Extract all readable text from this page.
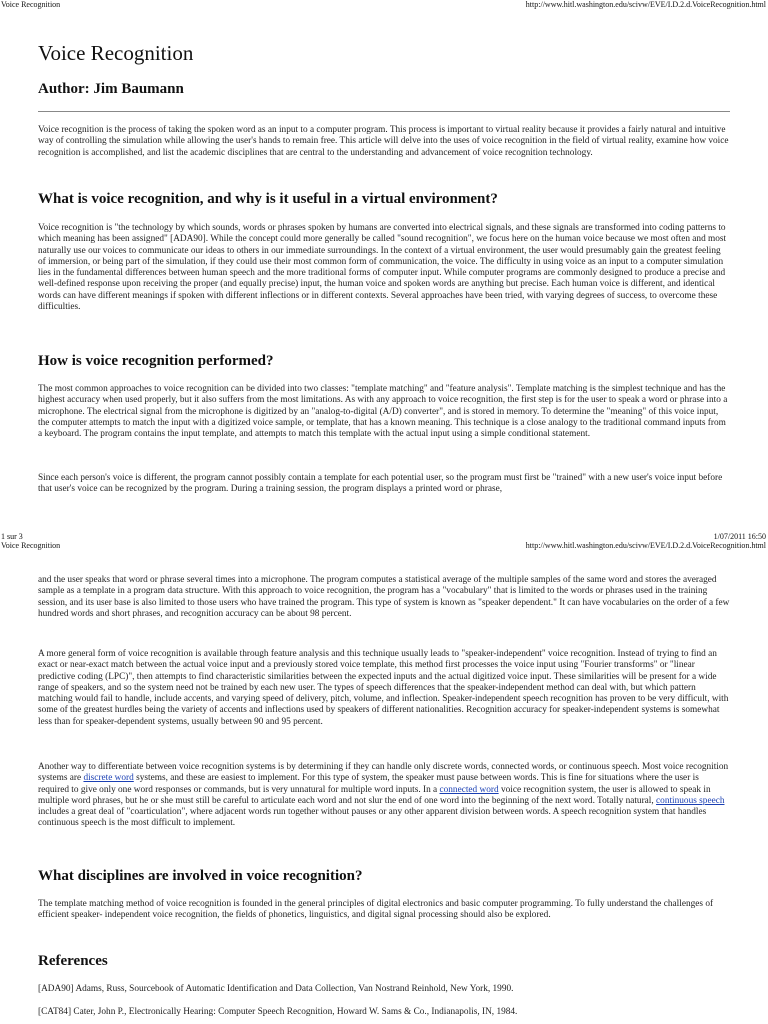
Voice Recognition	http://www.hitl.washington.edu/scivw/EVE/I.D.2.d.VoiceRecognition.html
Voice Recognition
Author: Jim Baumann

Voice recognition is the process of taking the spoken word as an input to a computer program. This process is important to virtual reality because it provides a fairly natural and intuitive way of controlling the simulation while allowing the user's hands to remain free. This article will delve into the uses of voice recognition in the field of virtual reality, examine how voice recognition is accomplished, and list the academic disciplines that are central to the understanding and advancement of voice recognition technology.

What is voice recognition, and why is it useful in a virtual environment?

Voice recognition is "the technology by which sounds, words or phrases spoken by humans are converted into electrical signals, and these signals are transformed into coding patterns to which meaning has been assigned" [ADA90]. While the concept could more generally be called "sound recognition", we focus here on the human voice because we most often and most naturally use our voices to communicate our ideas to others in our immediate surroundings. In the context of a virtual environment, the user would presumably gain the greatest feeling of immersion, or being part of the simulation, if they could use their most common form of communication, the voice. The difficulty in using voice as an input to a computer simulation lies in the fundamental differences between human speech and the more traditional forms of computer input. While computer programs are commonly designed to produce a precise and well-defined response upon receiving the proper (and equally precise) input, the human voice and spoken words are anything but precise. Each human voice is different, and identical words can have different meanings if spoken with different inflections or in different contexts. Several approaches have been tried, with varying degrees of success, to overcome these difficulties.

How is voice recognition performed?

The most common approaches to voice recognition can be divided into two classes: "template matching" and "feature analysis". Template matching is the simplest technique and has the highest accuracy when used properly, but it also suffers from the most limitations. As with any approach to voice recognition, the first step is for the user to speak a word or phrase into a microphone. The electrical signal from the microphone is digitized by an "analog-to-digital (A/D) converter", and is stored in memory. To determine the "meaning" of this voice input, the computer attempts to match the input with a digitized voice sample, or template, that has a known meaning. This technique is a close analogy to the traditional command inputs from a keyboard. The program contains the input template, and attempts to match this template with the actual input using a simple conditional statement.

Since each person's voice is different, the program cannot possibly contain a template for each potential user, so the program must first be "trained" with a new user's voice input before that user's voice can be recognized by the program. During a training session, the program displays a printed word or phrase,

1 sur 3	1/07/2011 16:50
Voice Recognition	http://www.hitl.washington.edu/scivw/EVE/I.D.2.d.VoiceRecognition.html

and the user speaks that word or phrase several times into a microphone. The program computes a statistical average of the multiple samples of the same word and stores the averaged sample as a template in a program data structure. With this approach to voice recognition, the program has a "vocabulary" that is limited to the words or phrases used in the training session, and its user base is also limited to those users who have trained the program. This type of system is known as "speaker dependent." It can have vocabularies on the order of a few hundred words and short phrases, and recognition accuracy can be about 98 percent.

A more general form of voice recognition is available through feature analysis and this technique usually leads to "speaker-independent" voice recognition. Instead of trying to find an exact or near-exact match between the actual voice input and a previously stored voice template, this method first processes the voice input using "Fourier transforms" or "linear predictive coding (LPC)", then attempts to find characteristic similarities between the expected inputs and the actual digitized voice input. These similarities will be present for a wide range of speakers, and so the system need not be trained by each new user. The types of speech differences that the speaker-independent method can deal with, but which pattern matching would fail to handle, include accents, and varying speed of delivery, pitch, volume, and inflection. Speaker-independent speech recognition has proven to be very difficult, with some of the greatest hurdles being the variety of accents and inflections used by speakers of different nationalities. Recognition accuracy for speaker-independent systems is somewhat less than for speaker-dependent systems, usually between 90 and 95 percent.

Another way to differentiate between voice recognition systems is by determining if they can handle only discrete words, connected words, or continuous speech. Most voice recognition systems are discrete word systems, and these are easiest to implement. For this type of system, the speaker must pause between words. This is fine for situations where the user is required to give only one word responses or commands, but is very unnatural for multiple word inputs. In a connected word voice recognition system, the user is allowed to speak in multiple word phrases, but he or she must still be careful to articulate each word and not slur the end of one word into the beginning of the next word. Totally natural, continuous speech includes a great deal of "coarticulation", where adjacent words run together without pauses or any other apparent division between words. A speech recognition system that handles continuous speech is the most difficult to implement.

What disciplines are involved in voice recognition?

The template matching method of voice recognition is founded in the general principles of digital electronics and basic computer programming. To fully understand the challenges of efficient speaker- independent voice recognition, the fields of phonetics, linguistics, and digital signal processing should also be explored.

References

[ADA90] Adams, Russ, Sourcebook of Automatic Identification and Data Collection, Van Nostrand Reinhold, New York, 1990.

[CAT84] Cater, John P., Electronically Hearing: Computer Speech Recognition, Howard W. Sams & Co., Indianapolis, IN, 1984.
